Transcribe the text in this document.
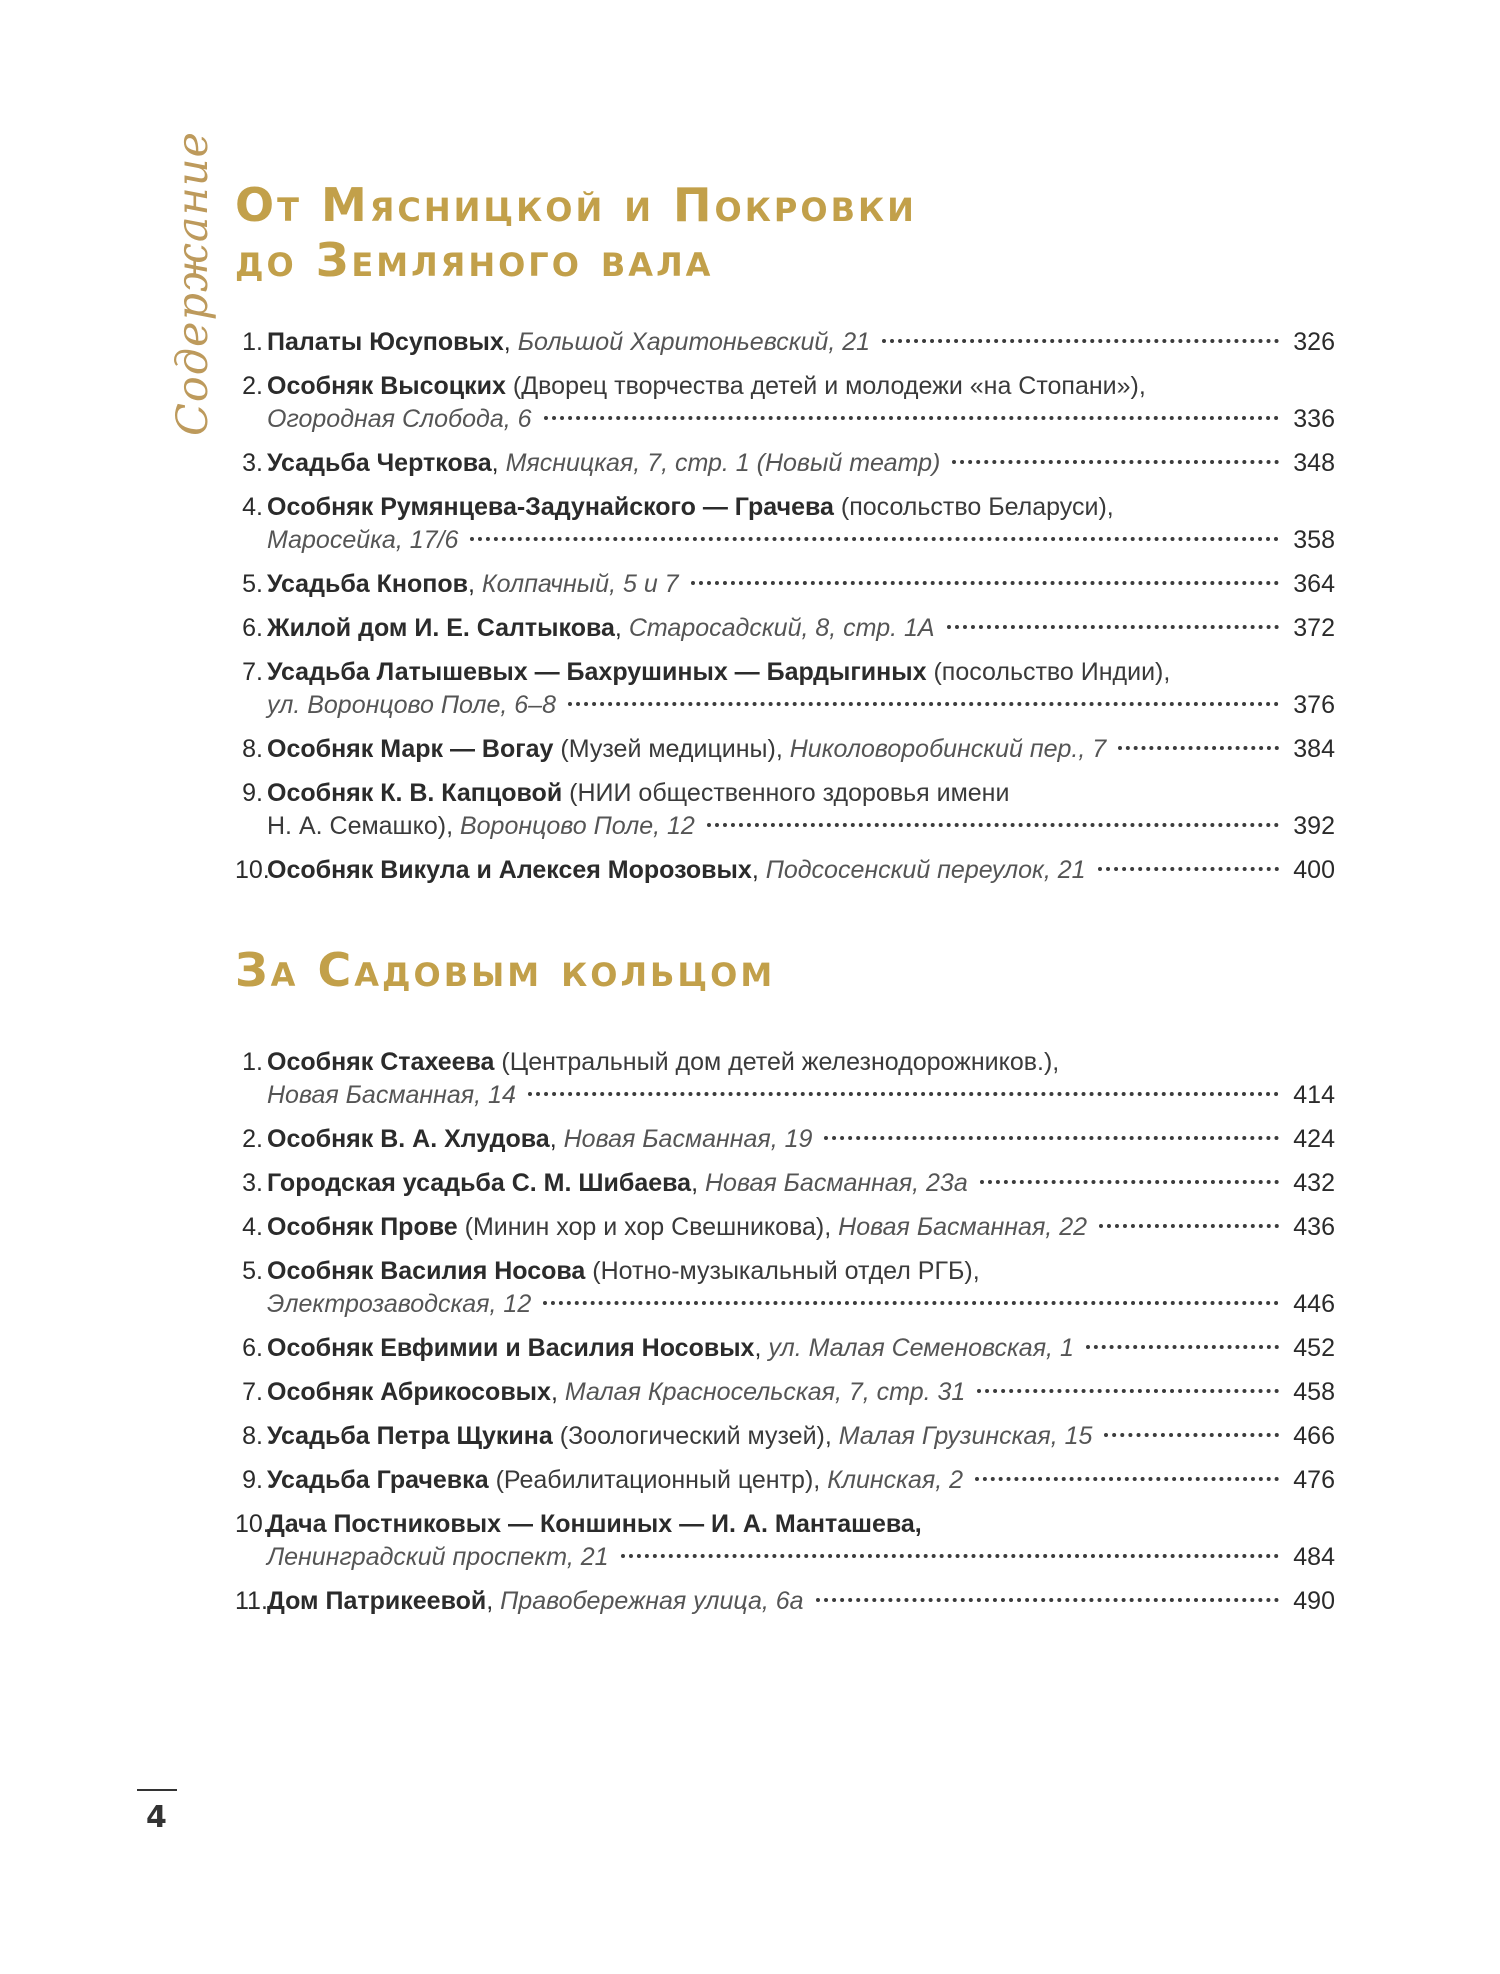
Содержание От Мясницкой и Покровки
до Земляного вала
1. Палаты Юсуповых , Большой Харитоньевский, 21	326
2. Особняк Высоцких (Дворец творчества детей и молодежи «на Стопани»),
Огородная Слобода, 6	336
3. Усадьба Черткова , Мясницкая, 7, стр. 1 (Новый театр)	348
4. Особняк Румянцева-Задунайского — Грачева (посольство Беларуси),
Маросейка, 17/6	358
5. Усадьба Кнопов , Колпачный, 5 и 7	364
6. Жилой дом И. Е. Салтыкова , Старосадский, 8, стр. 1А	372
7. Усадьба Латышевых — Бахрушиных — Бардыгиных (посольство Индии),
ул. Воронцово Поле, 6–8	376
8. Особняк Марк — Вогау
(Музей медицины),
Николоворобинский пер., 7	384
9. Особняк К. В. Капцовой (НИИ общественного здоровья имени
Н. А. Семашко),
Воронцово Поле, 12	392
10.
Особняк Викула и Алексея Морозовых , Подсосенский переулок, 21	400
За Садовым кольцом
1. Особняк Стахеева (Центральный дом детей железнодорожников.),
Новая Басманная, 14	414
2. Особняк В. А. Хлудова , Новая Басманная, 19	424
3. Городская усадьба С. М. Шибаева , Новая Басманная, 23а	432
4. Особняк Прове
(Минин хор и хор Свешникова),
Новая Басманная, 22	436
5. Особняк Василия Носова (Нотно-музыкальный отдел РГБ),
Электрозаводская, 12	446
6. Особняк Евфимии и Василия Носовых , ул. Малая Семеновская, 1	452
7. Особняк Абрикосовых , Малая Красносельская, 7, стр. 31	458
8. Усадьба Петра Щукина
(Зоологический музей),
Малая Грузинская, 15	466
9. Усадьба Грачевка
(Реабилитационный центр),
Клинская, 2	476
10.
Дача Постниковых — Коншиных — И. А. Манташева,
Ленинградский проспект, 21	484
11. Дом Патрикеевой , Правобережная улица, 6а	490
4
